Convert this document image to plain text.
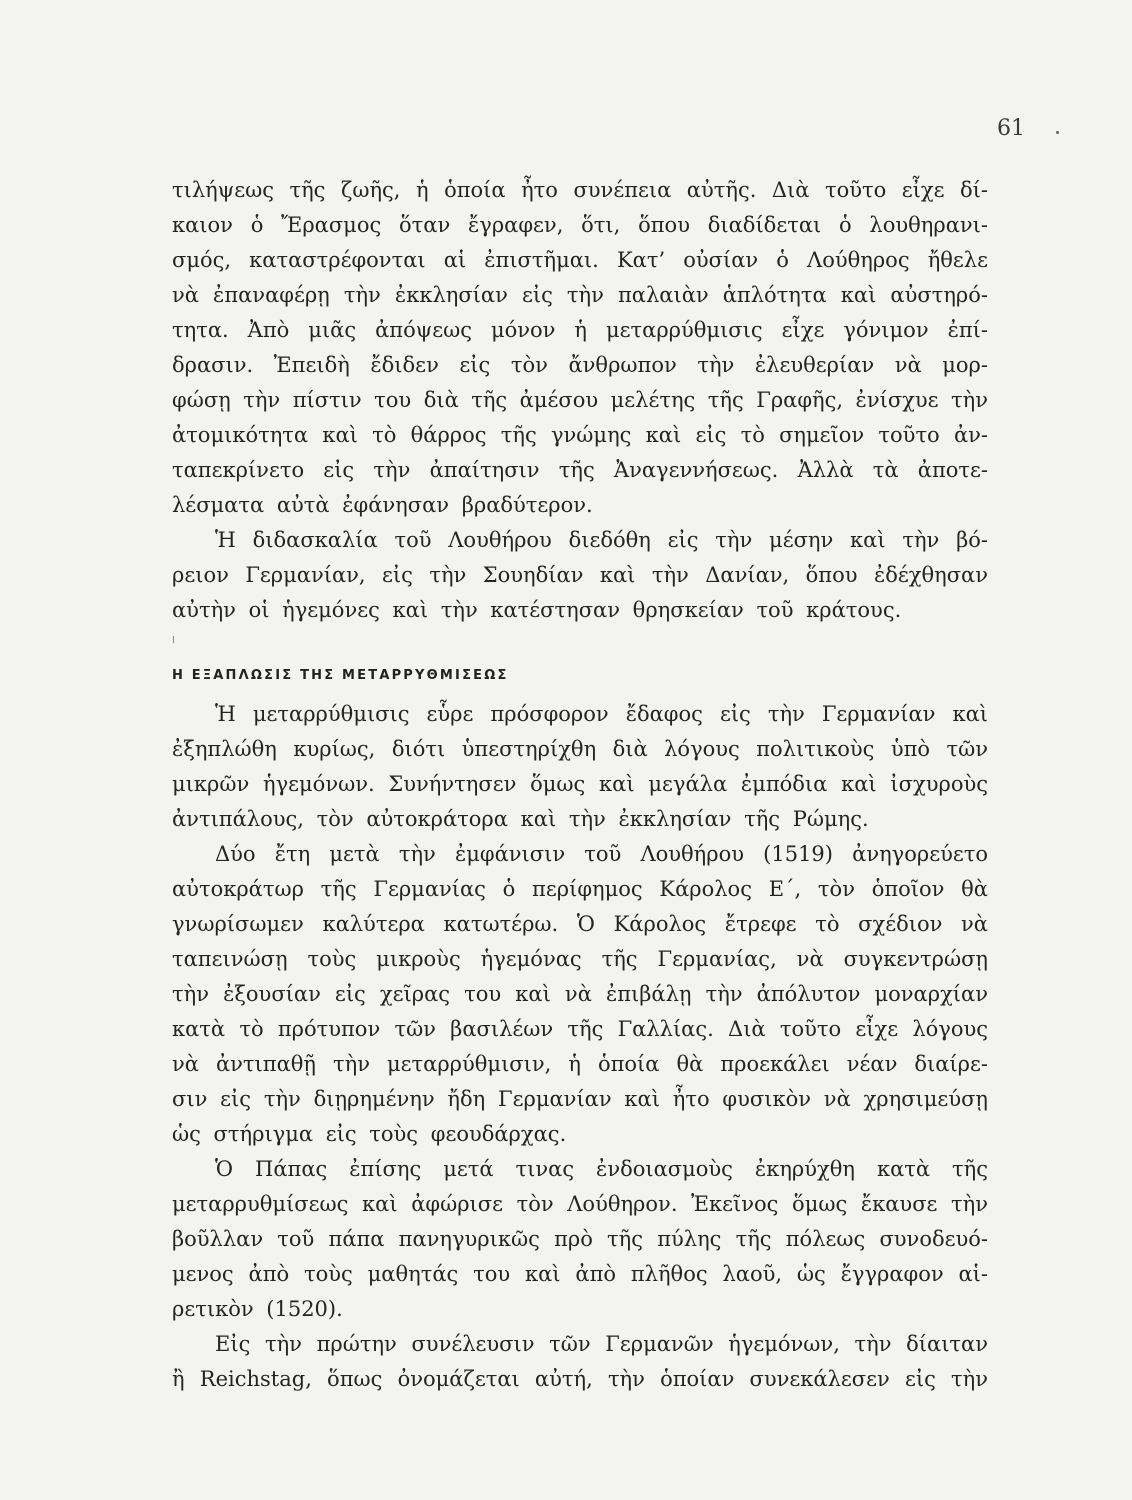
61
τιλήψεως τῆς ζωῆς, ἡ ὁποία ἦτο συνέπεια αὐτῆς. Διὰ τοῦτο εἶχε δί-
καιον ὁ Ἔρασμος ὅταν ἔγραφεν, ὅτι, ὅπου διαδίδεται ὁ λουθηρανι-
σμός, καταστρέφονται αἱ ἐπιστῆμαι. Κατ’ οὐσίαν ὁ Λούθηρος ἤθελε
νὰ ἐπαναφέρῃ τὴν ἐκκλησίαν εἰς τὴν παλαιὰν ἁπλότητα καὶ αὐστηρό-
τητα. Ἀπὸ μιᾶς ἀπόψεως μόνον ἡ μεταρρύθμισις εἶχε γόνιμον ἐπί-
δρασιν. Ἐπειδὴ ἔδιδεν εἰς τὸν ἄνθρωπον τὴν ἐλευθερίαν νὰ μορ-
φώσῃ τὴν πίστιν του διὰ τῆς ἀμέσου μελέτης τῆς Γραφῆς, ἐνίσχυε τὴν
ἀτομικότητα καὶ τὸ θάρρος τῆς γνώμης καὶ εἰς τὸ σημεῖον τοῦτο ἀν-
ταπεκρίνετο εἰς τὴν ἀπαίτησιν τῆς Ἀναγεννήσεως. Ἀλλὰ τὰ ἀποτε-
λέσματα αὐτὰ ἐφάνησαν βραδύτερον.
Ἡ διδασκαλία τοῦ Λουθήρου διεδόθη εἰς τὴν μέσην καὶ τὴν βό-
ρειον Γερμανίαν, εἰς τὴν Σουηδίαν καὶ τὴν Δανίαν, ὅπου ἐδέχθησαν
αὐτὴν οἱ ἡγεμόνες καὶ τὴν κατέστησαν θρησκείαν τοῦ κράτους.
Η ΕΞΑΠΛΩΣΙΣ ΤΗΣ ΜΕΤΑΡΡΥΘΜΙΣΕΩΣ
Ἡ μεταρρύθμισις εὗρε πρόσφορον ἔδαφος εἰς τὴν Γερμανίαν καὶ
ἐξηπλώθη κυρίως, διότι ὑπεστηρίχθη διὰ λόγους πολιτικοὺς ὑπὸ τῶν
μικρῶν ἡγεμόνων. Συνήντησεν ὅμως καὶ μεγάλα ἐμπόδια καὶ ἰσχυροὺς
ἀντιπάλους, τὸν αὐτοκράτορα καὶ τὴν ἐκκλησίαν τῆς Ρώμης.
Δύο ἔτη μετὰ τὴν ἐμφάνισιν τοῦ Λουθήρου (1519) ἀνηγορεύετο
αὐτοκράτωρ τῆς Γερμανίας ὁ περίφημος Κάρολος Ε΄, τὸν ὁποῖον θὰ
γνωρίσωμεν καλύτερα κατωτέρω. Ὁ Κάρολος ἔτρεφε τὸ σχέδιον νὰ
ταπεινώσῃ τοὺς μικροὺς ἡγεμόνας τῆς Γερμανίας, νὰ συγκεντρώσῃ
τὴν ἐξουσίαν εἰς χεῖρας του καὶ νὰ ἐπιβάλῃ τὴν ἀπόλυτον μοναρχίαν
κατὰ τὸ πρότυπον τῶν βασιλέων τῆς Γαλλίας. Διὰ τοῦτο εἶχε λόγους
νὰ ἀντιπαθῇ τὴν μεταρρύθμισιν, ἡ ὁποία θὰ προεκάλει νέαν διαίρε-
σιν εἰς τὴν διῃρημένην ἤδη Γερμανίαν καὶ ἦτο φυσικὸν νὰ χρησιμεύσῃ
ὡς στήριγμα εἰς τοὺς φεουδάρχας.
Ὁ Πάπας ἐπίσης μετά τινας ἐνδοιασμοὺς ἐκηρύχθη κατὰ τῆς
μεταρρυθμίσεως καὶ ἀφώρισε τὸν Λούθηρον. Ἐκεῖνος ὅμως ἔκαυσε τὴν
βοῦλλαν τοῦ πάπα πανηγυρικῶς πρὸ τῆς πύλης τῆς πόλεως συνοδευό-
μενος ἀπὸ τοὺς μαθητάς του καὶ ἀπὸ πλῆθος λαοῦ, ὡς ἔγγραφον αἱ-
ρετικὸν (1520).
Εἰς τὴν πρώτην συνέλευσιν τῶν Γερμανῶν ἡγεμόνων, τὴν δίαιταν
ἢ Reichstag, ὅπως ὀνομάζεται αὐτή, τὴν ὁποίαν συνεκάλεσεν εἰς τὴν
